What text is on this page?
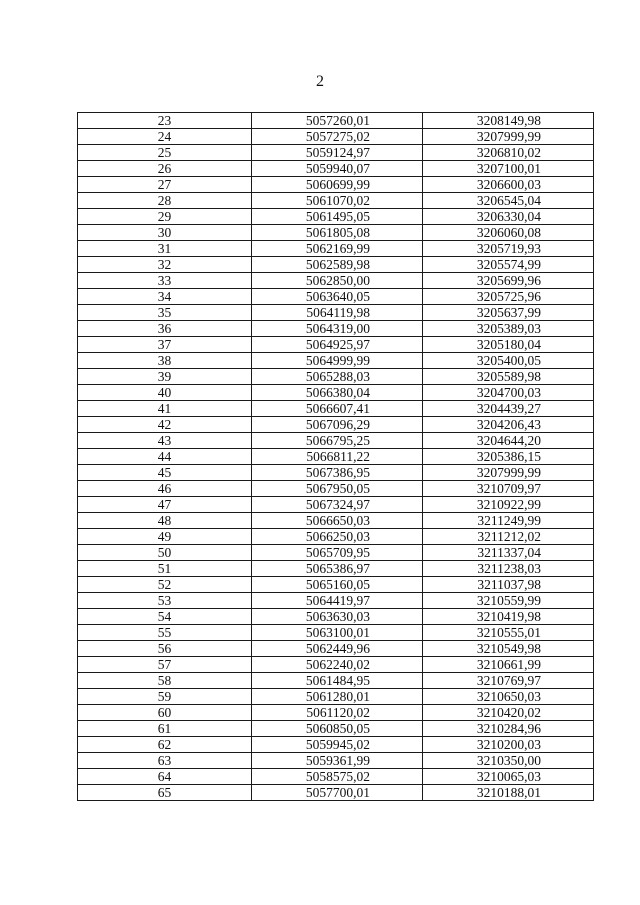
2
23	5057260,01	3208149,98
24	5057275,02	3207999,99
25	5059124,97	3206810,02
26	5059940,07	3207100,01
27	5060699,99	3206600,03
28	5061070,02	3206545,04
29	5061495,05	3206330,04
30	5061805,08	3206060,08
31	5062169,99	3205719,93
32	5062589,98	3205574,99
33	5062850,00	3205699,96
34	5063640,05	3205725,96
35	5064119,98	3205637,99
36	5064319,00	3205389,03
37	5064925,97	3205180,04
38	5064999,99	3205400,05
39	5065288,03	3205589,98
40	5066380,04	3204700,03
41	5066607,41	3204439,27
42	5067096,29	3204206,43
43	5066795,25	3204644,20
44	5066811,22	3205386,15
45	5067386,95	3207999,99
46	5067950,05	3210709,97
47	5067324,97	3210922,99
48	5066650,03	3211249,99
49	5066250,03	3211212,02
50	5065709,95	3211337,04
51	5065386,97	3211238,03
52	5065160,05	3211037,98
53	5064419,97	3210559,99
54	5063630,03	3210419,98
55	5063100,01	3210555,01
56	5062449,96	3210549,98
57	5062240,02	3210661,99
58	5061484,95	3210769,97
59	5061280,01	3210650,03
60	5061120,02	3210420,02
61	5060850,05	3210284,96
62	5059945,02	3210200,03
63	5059361,99	3210350,00
64	5058575,02	3210065,03
65	5057700,01	3210188,01
